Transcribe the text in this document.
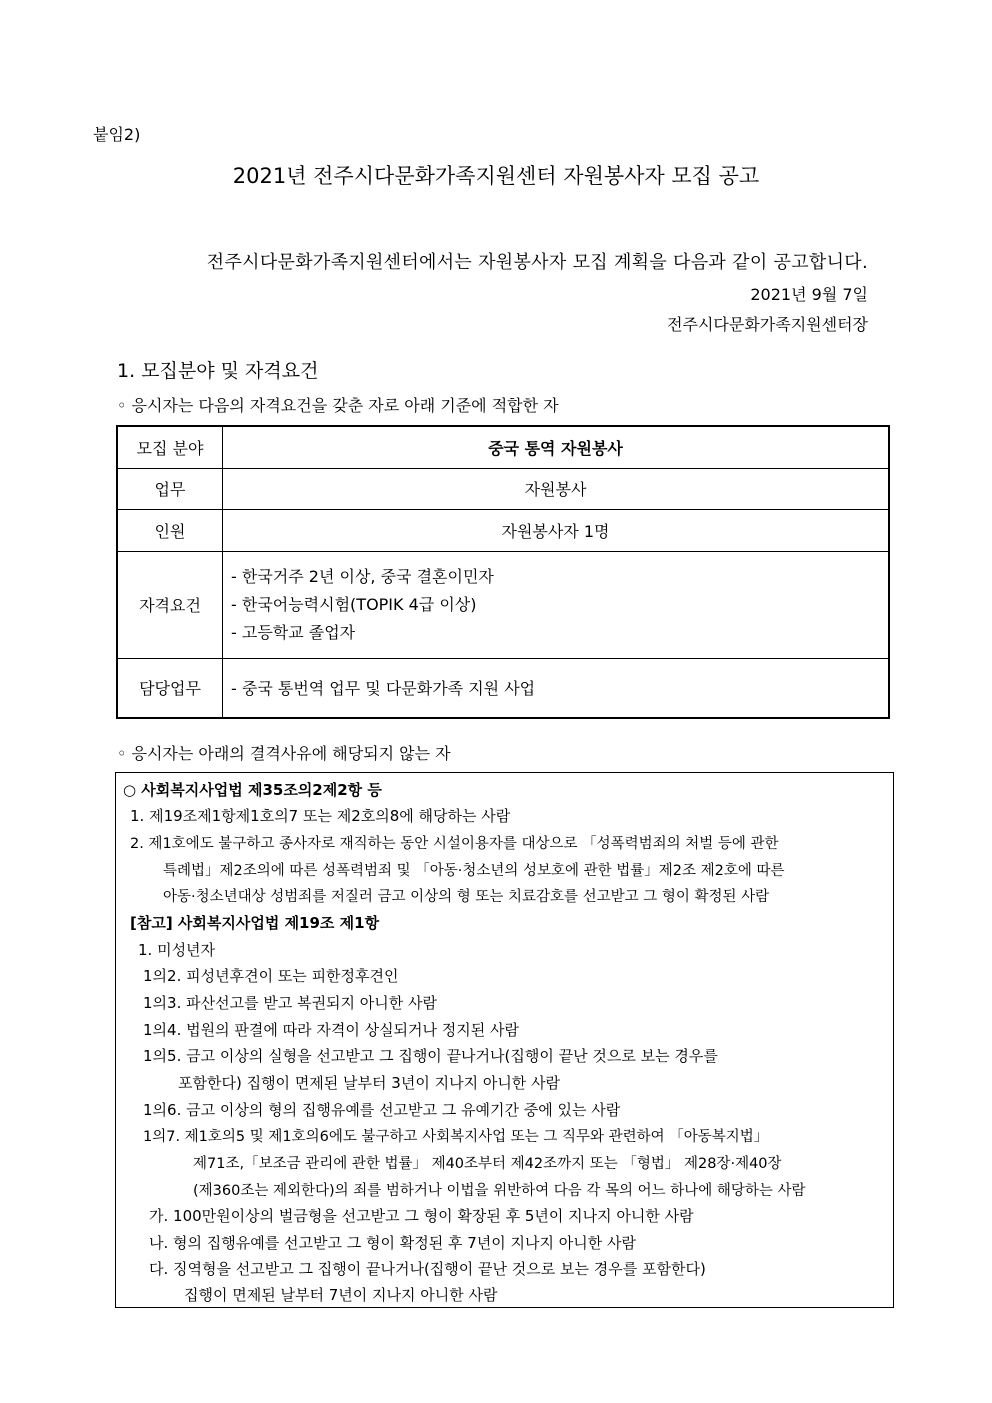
붙임2)
2021년 전주시다문화가족지원센터 자원봉사자 모집 공고
전주시다문화가족지원센터에서는 자원봉사자 모집 계획을 다음과 같이 공고합니다.
2021년 9월 7일
전주시다문화가족지원센터장
1. 모집분야 및 자격요건
◦ 응시자는 다음의 자격요건을 갖춘 자로 아래 기준에 적합한 자
모집 분야	중국 통역 자원봉사
업무	자원봉사
인원	자원봉사자 1명
자격요건	- 한국거주 2년 이상, 중국 결혼이민자
- 한국어능력시험(TOPIK 4급 이상)
- 고등학교 졸업자

담당업무	- 중국 통번역 업무 및 다문화가족 지원 사업
◦ 응시자는 아래의 결격사유에 해당되지 않는 자
○ 사회복지사업법 제35조의2제2항 등
1. 제19조제1항제1호의7 또는 제2호의8에 해당하는 사람
2. 제1호에도 불구하고 종사자로 재직하는 동안 시설이용자를 대상으로 「성폭력범죄의 처벌 등에 관한
특례법」제2조의에 따른 성폭력범죄 및 「아동·청소년의 성보호에 관한 법률」제2조 제2호에 따른
아동·청소년대상 성범죄를 저질러 금고 이상의 형 또는 치료감호를 선고받고 그 형이 확정된 사람
[참고] 사회복지사업법 제19조 제1항
1. 미성년자
1의2. 피성년후견이 또는 피한정후견인
1의3. 파산선고를 받고 복권되지 아니한 사람
1의4. 법원의 판결에 따라 자격이 상실되거나 정지된 사람
1의5. 금고 이상의 실형을 선고받고 그 집행이 끝나거나(집행이 끝난 것으로 보는 경우를
포함한다) 집행이 면제된 날부터 3년이 지나지 아니한 사람
1의6. 금고 이상의 형의 집행유예를 선고받고 그 유예기간 중에 있는 사람
1의7. 제1호의5 및 제1호의6에도 불구하고 사회복지사업 또는 그 직무와 관련하여 「아동복지법」
제71조,「보조금 관리에 관한 법률」 제40조부터 제42조까지 또는 「형법」 제28장·제40장
(제360조는 제외한다)의 죄를 범하거나 이법을 위반하여 다음 각 목의 어느 하나에 해당하는 사람
가. 100만원이상의 벌금형을 선고받고 그 형이 확장된 후 5년이 지나지 아니한 사람
나. 형의 집행유예를 선고받고 그 형이 확정된 후 7년이 지나지 아니한 사람
다. 징역형을 선고받고 그 집행이 끝나거나(집행이 끝난 것으로 보는 경우를 포함한다)
집행이 면제된 날부터 7년이 지나지 아니한 사람
